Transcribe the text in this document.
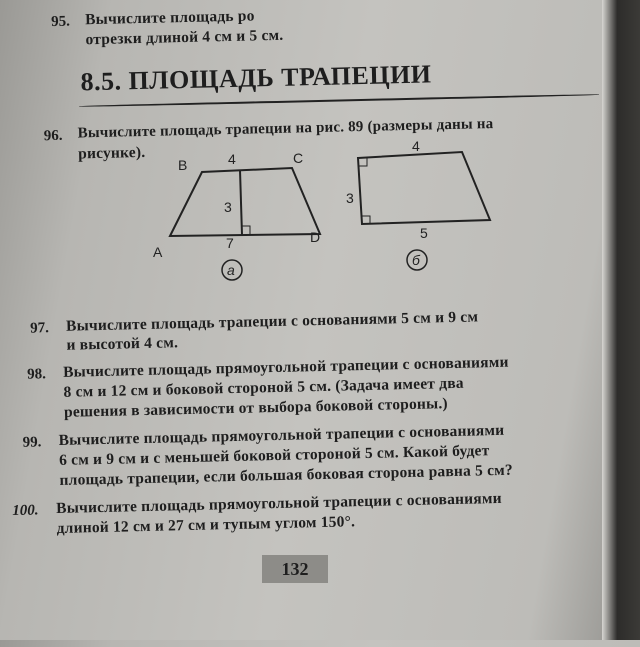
95. Вычислите площадь ро
отрезки длиной 4 см и 5 см.
8.5. ПЛОЩАДЬ ТРАПЕЦИИ
96. Вычислите площадь трапеции на рис. 89 (размеры даны на
рисунке).
97. Вычислите площадь трапеции с основаниями 5 см и 9 см
и высотой 4 см.
98. Вычислите площадь прямоугольной трапеции с основаниями
8 см и 12 см и боковой стороной 5 см. (Задача имеет два
решения в зависимости от выбора боковой стороны.)
99. Вычислите площадь прямоугольной трапеции с основаниями
6 см и 9 см и с меньшей боковой стороной 5 см. Какой будет
площадь трапеции, если большая боковая сторона равна 5 см?
100. Вычислите площадь прямоугольной трапеции с основаниями
длиной 12 см и 27 см и тупым углом 150°.
B	4	C
3
A
7	D
а
4
3
5
б
132
